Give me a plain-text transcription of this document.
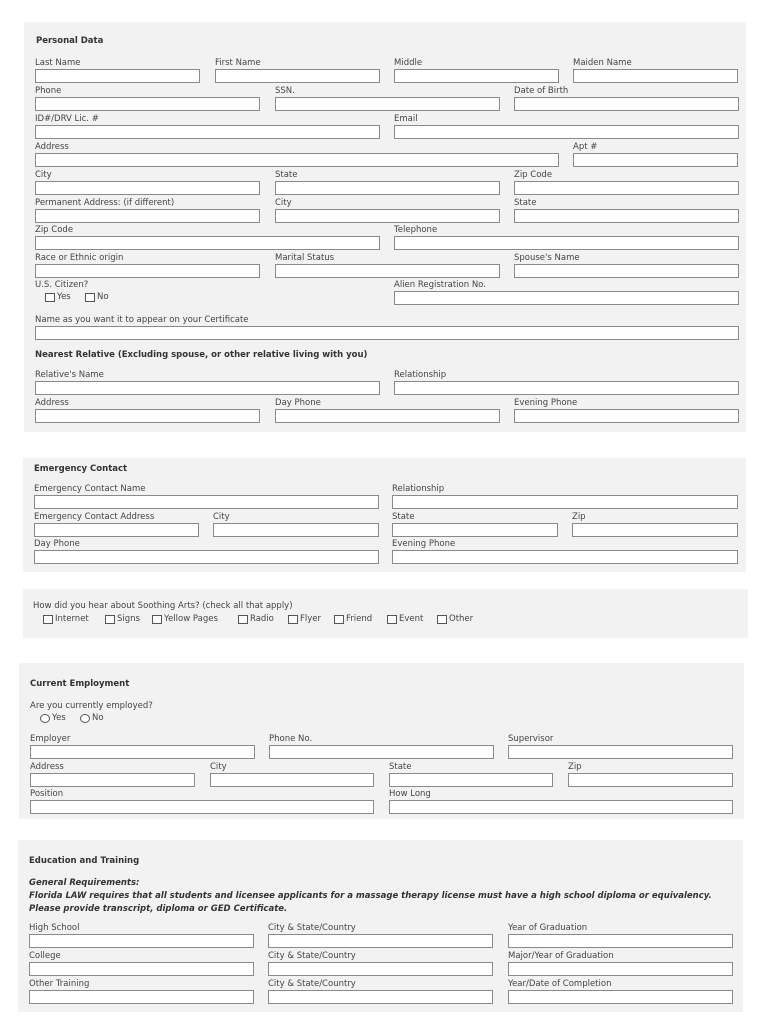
Personal Data
Last Name	First Name	Middle	Maiden Name
Phone	SSN.	Date of Birth
ID#/DRV Lic. #	Email
Address	Apt #
City	State	Zip Code
Permanent Address: (if different)	City	State
Zip Code	Telephone
Race or Ethnic origin	Marital Status	Spouse's Name
U.S. Citizen?
Yes	No
Alien Registration No.
Name as you want it to appear on your Certificate
Nearest Relative (Excluding spouse, or other relative living with you)
Relative's Name	Relationship
Address	Day Phone	Evening Phone
Emergency Contact
Emergency Contact Name	Relationship
Emergency Contact Address	City	State	Zip
Day Phone	Evening Phone
How did you hear about Soothing Arts? (check all that apply)
Internet	Signs	Yellow Pages	Radio	Flyer	Friend	Event	Other
Current Employment
Are you currently employed?
Yes	No
Employer	Phone No.	Supervisor
Address	City	State	Zip
Position	How Long
Education and Training
General Requirements:
Florida LAW requires that all students and licensee applicants for a massage therapy license must have a high school diploma or equivalency. Please provide transcript, diploma or GED Certificate.
High School	City & State/Country	Year of Graduation
College	City & State/Country	Major/Year of Graduation
Other Training	City & State/Country	Year/Date of Completion
